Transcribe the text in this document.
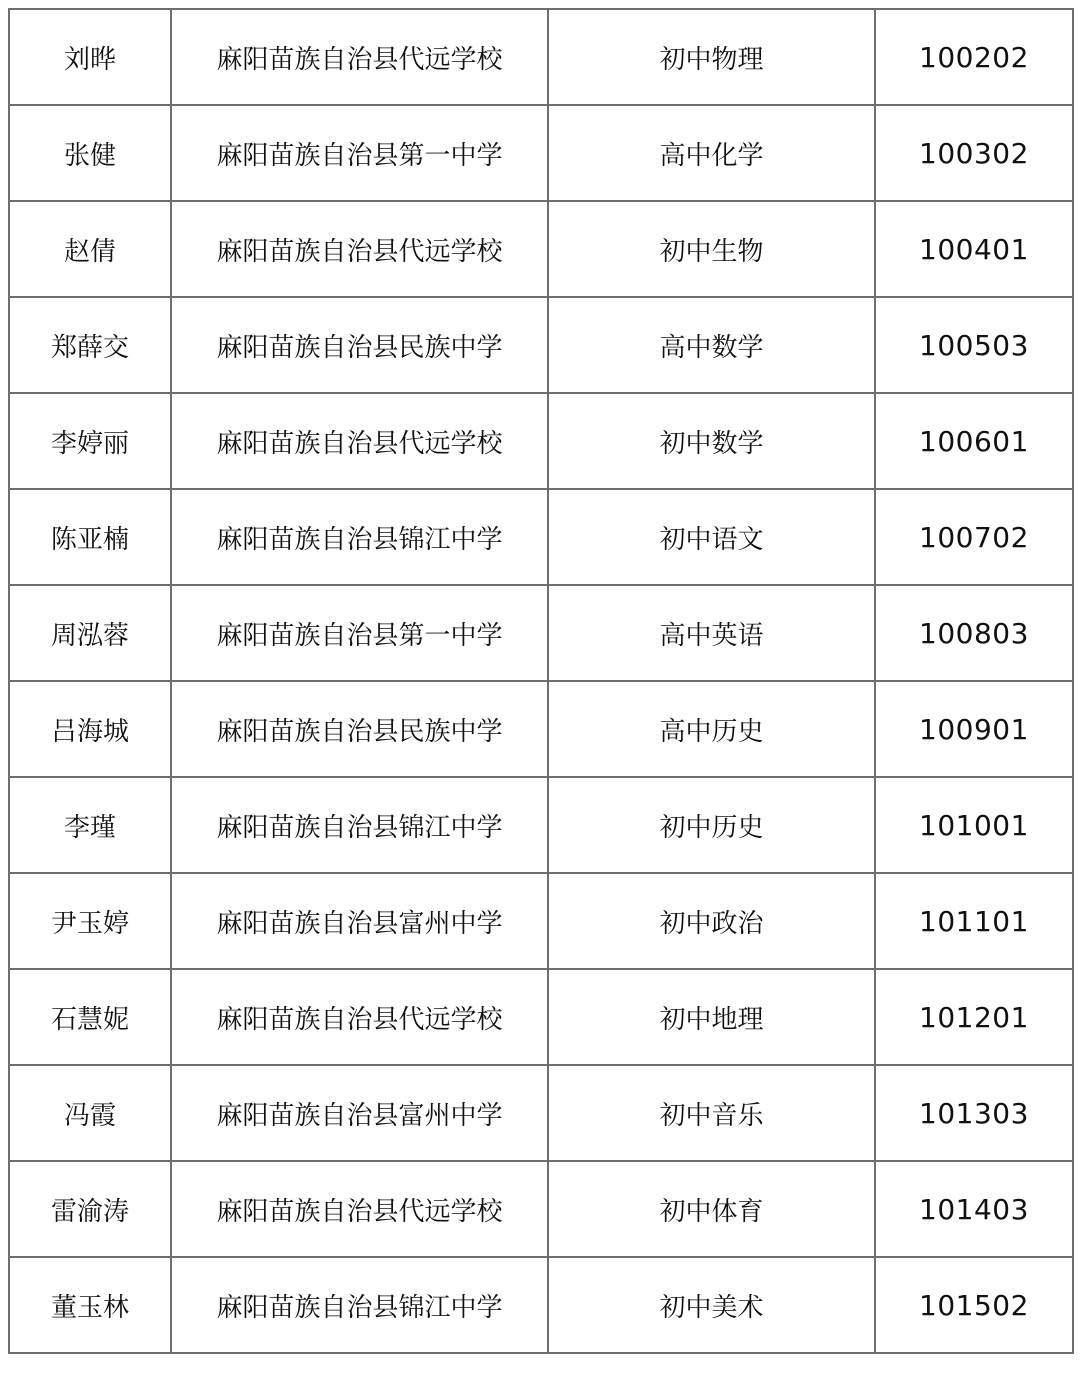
刘晔	麻阳苗族自治县代远学校	初中物理	100202
张健	麻阳苗族自治县第一中学	高中化学	100302
赵倩	麻阳苗族自治县代远学校	初中生物	100401
郑薛交	麻阳苗族自治县民族中学	高中数学	100503
李婷丽	麻阳苗族自治县代远学校	初中数学	100601
陈亚楠	麻阳苗族自治县锦江中学	初中语文	100702
周泓蓉	麻阳苗族自治县第一中学	高中英语	100803
吕海城	麻阳苗族自治县民族中学	高中历史	100901
李瑾	麻阳苗族自治县锦江中学	初中历史	101001
尹玉婷	麻阳苗族自治县富州中学	初中政治	101101
石慧妮	麻阳苗族自治县代远学校	初中地理	101201
冯霞	麻阳苗族自治县富州中学	初中音乐	101303
雷渝涛	麻阳苗族自治县代远学校	初中体育	101403
董玉林	麻阳苗族自治县锦江中学	初中美术	101502
